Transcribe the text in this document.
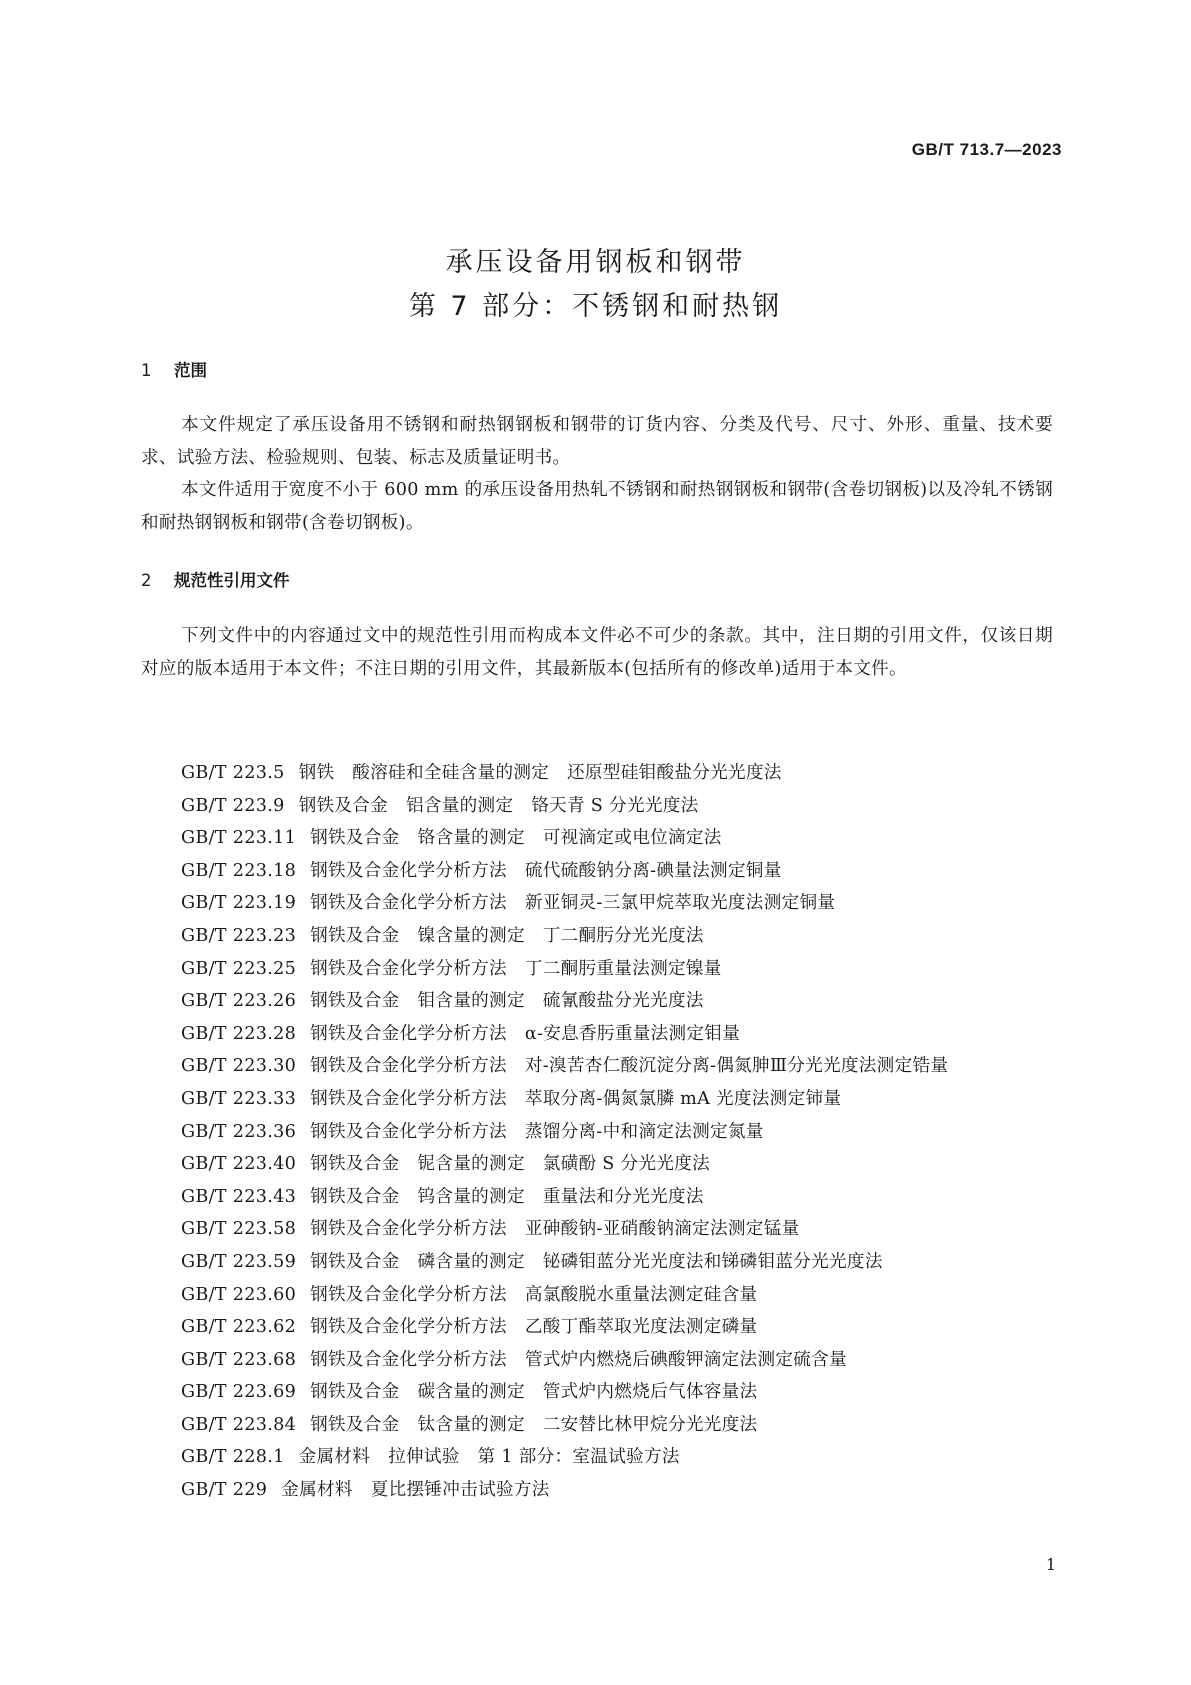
GB/T 713.7—2023
承压设备用钢板和钢带
第 7 部分：不锈钢和耐热钢
1 范围

本文件规定了承压设备用不锈钢和耐热钢钢板和钢带的订货内容、分类及代号、尺寸、外形、重量、技术要求、试验方法、检验规则、包装、标志及质量证明书。

本文件适用于宽度不小于 600 mm 的承压设备用热轧不锈钢和耐热钢钢板和钢带(含卷切钢板)以及冷轧不锈钢和耐热钢钢板和钢带(含卷切钢板)。

2 规范性引用文件

下列文件中的内容通过文中的规范性引用而构成本文件必不可少的条款。其中，注日期的引用文件，仅该日期对应的版本适用于本文件；不注日期的引用文件，其最新版本(包括所有的修改单)适用于本文件。

GB/T 223.5 钢铁　酸溶硅和全硅含量的测定　还原型硅钼酸盐分光光度法
GB/T 223.9 钢铁及合金　铝含量的测定　铬天青 S 分光光度法
GB/T 223.11 钢铁及合金　铬含量的测定　可视滴定或电位滴定法
GB/T 223.18 钢铁及合金化学分析方法　硫代硫酸钠分离-碘量法测定铜量
GB/T 223.19 钢铁及合金化学分析方法　新亚铜灵-三氯甲烷萃取光度法测定铜量
GB/T 223.23 钢铁及合金　镍含量的测定　丁二酮肟分光光度法
GB/T 223.25 钢铁及合金化学分析方法　丁二酮肟重量法测定镍量
GB/T 223.26 钢铁及合金　钼含量的测定　硫氰酸盐分光光度法
GB/T 223.28 钢铁及合金化学分析方法　α-安息香肟重量法测定钼量
GB/T 223.30 钢铁及合金化学分析方法　对-溴苦杏仁酸沉淀分离-偶氮胂Ⅲ分光光度法测定锆量
GB/T 223.33 钢铁及合金化学分析方法　萃取分离-偶氮氯膦 mA 光度法测定铈量
GB/T 223.36 钢铁及合金化学分析方法　蒸馏分离-中和滴定法测定氮量
GB/T 223.40 钢铁及合金　铌含量的测定　氯磺酚 S 分光光度法
GB/T 223.43 钢铁及合金　钨含量的测定　重量法和分光光度法
GB/T 223.58 钢铁及合金化学分析方法　亚砷酸钠-亚硝酸钠滴定法测定锰量
GB/T 223.59 钢铁及合金　磷含量的测定　铋磷钼蓝分光光度法和锑磷钼蓝分光光度法
GB/T 223.60 钢铁及合金化学分析方法　高氯酸脱水重量法测定硅含量
GB/T 223.62 钢铁及合金化学分析方法　乙酸丁酯萃取光度法测定磷量
GB/T 223.68 钢铁及合金化学分析方法　管式炉内燃烧后碘酸钾滴定法测定硫含量
GB/T 223.69 钢铁及合金　碳含量的测定　管式炉内燃烧后气体容量法
GB/T 223.84 钢铁及合金　钛含量的测定　二安替比林甲烷分光光度法
GB/T 228.1 金属材料　拉伸试验　第 1 部分：室温试验方法
GB/T 229 金属材料　夏比摆锤冲击试验方法
1
